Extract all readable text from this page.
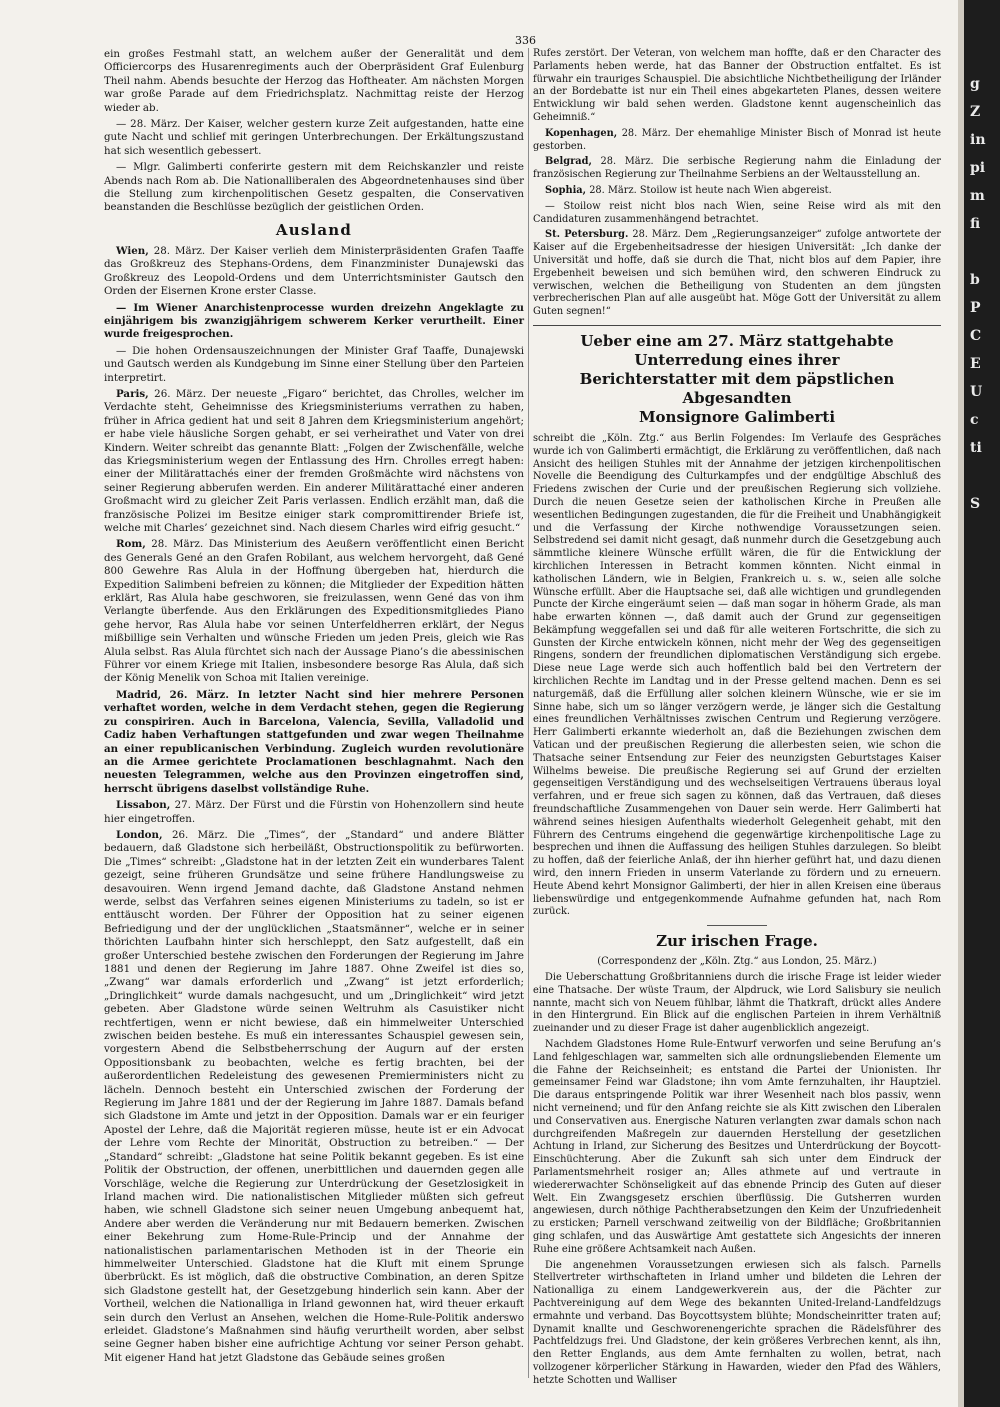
336

ein großes Festmahl statt, an welchem außer der Generalität und dem Officiercorps des Husarenregiments auch der Oberpräsident Graf Eulenburg Theil nahm. Abends besuchte der Herzog das Hoftheater. Am nächsten Morgen war große Parade auf dem Friedrichsplatz. Nachmittag reiste der Herzog wieder ab.

— 28. März. Der Kaiser, welcher gestern kurze Zeit aufgestanden, hatte eine gute Nacht und schlief mit geringen Unterbrechungen. Der Erkältungszustand hat sich wesentlich gebessert.

— Mlgr. Galimberti conferirte gestern mit dem Reichskanzler und reiste Abends nach Rom ab. Die Nationalliberalen des Abgeordnetenhauses sind über die Stellung zum kirchenpolitischen Gesetz gespalten, die Conservativen beanstanden die Beschlüsse bezüglich der geistlichen Orden.

Ausland

Wien, 28. März. Der Kaiser verlieh dem Ministerpräsidenten Grafen Taaffe das Großkreuz des Stephans-Ordens, dem Finanzminister Dunajewski das Großkreuz des Leopold-Ordens und dem Unterrichtsminister Gautsch den Orden der Eisernen Krone erster Classe.

— Im Wiener Anarchistenprocesse wurden dreizehn Angeklagte zu einjährigem bis zwanzigjährigem schwerem Kerker verurtheilt. Einer wurde freigesprochen.

— Die hohen Ordensauszeichnungen der Minister Graf Taaffe, Dunajewski und Gautsch werden als Kundgebung im Sinne einer Stellung über den Parteien interpretirt.

Paris, 26. März. Der neueste „Figaro“ berichtet, das Chrolles, welcher im Verdachte steht, Geheimnisse des Kriegsministeriums verrathen zu haben, früher in Africa gedient hat und seit 8 Jahren dem Kriegsministerium angehört; er habe viele häusliche Sorgen gehabt, er sei verheirathet und Vater von drei Kindern. Weiter schreibt das genannte Blatt: „Folgen der Zwischenfälle, welche das Kriegsministerium wegen der Entlassung des Hrn. Chrolles erregt haben: einer der Militärattachés einer der fremden Großmächte wird nächstens von seiner Regierung abberufen werden. Ein anderer Militärattaché einer anderen Großmacht wird zu gleicher Zeit Paris verlassen. Endlich erzählt man, daß die französische Polizei im Besitze einiger stark compromittirender Briefe ist, welche mit Charles’ gezeichnet sind. Nach diesem Charles wird eifrig gesucht.“

Rom, 28. März. Das Ministerium des Aeußern veröffentlicht einen Bericht des Generals Gené an den Grafen Robilant, aus welchem hervorgeht, daß Gené 800 Gewehre Ras Alula in der Hoffnung übergeben hat, hierdurch die Expedition Salimbeni befreien zu können; die Mitglieder der Expedition hätten erklärt, Ras Alula habe geschworen, sie freizulassen, wenn Gené das von ihm Verlangte überfende. Aus den Erklärungen des Expeditionsmitgliedes Piano gehe hervor, Ras Alula habe vor seinen Unterfeldherren erklärt, der Negus mißbillige sein Verhalten und wünsche Frieden um jeden Preis, gleich wie Ras Alula selbst. Ras Alula fürchtet sich nach der Aussage Piano’s die abessinischen Führer vor einem Kriege mit Italien, insbesondere besorge Ras Alula, daß sich der König Menelik von Schoa mit Italien vereinige.

Madrid, 26. März. In letzter Nacht sind hier mehrere Personen verhaftet worden, welche in dem Verdacht stehen, gegen die Regierung zu conspiriren. Auch in Barcelona, Valencia, Sevilla, Valladolid und Cadiz haben Verhaftungen stattgefunden und zwar wegen Theilnahme an einer republicanischen Verbindung. Zugleich wurden revolutionäre an die Armee gerichtete Proclamationen beschlagnahmt. Nach den neuesten Telegrammen, welche aus den Provinzen eingetroffen sind, herrscht übrigens daselbst vollständige Ruhe.

Lissabon, 27. März. Der Fürst und die Fürstin von Hohenzollern sind heute hier eingetroffen.

London, 26. März. Die „Times“, der „Standard“ und andere Blätter bedauern, daß Gladstone sich herbeiläßt, Obstructionspolitik zu befürworten. Die „Times“ schreibt: „Gladstone hat in der letzten Zeit ein wunderbares Talent gezeigt, seine früheren Grundsätze und seine frühere Handlungsweise zu desavouiren. Wenn irgend Jemand dachte, daß Gladstone Anstand nehmen werde, selbst das Verfahren seines eigenen Ministeriums zu tadeln, so ist er enttäuscht worden. Der Führer der Opposition hat zu seiner eigenen Befriedigung und der der unglücklichen „Staatsmänner“, welche er in seiner thörichten Laufbahn hinter sich herschleppt, den Satz aufgestellt, daß ein großer Unterschied bestehe zwischen den Forderungen der Regierung im Jahre 1881 und denen der Regierung im Jahre 1887. Ohne Zweifel ist dies so, „Zwang“ war damals erforderlich und „Zwang“ ist jetzt erforderlich; „Dringlichkeit“ wurde damals nachgesucht, und um „Dringlichkeit“ wird jetzt gebeten. Aber Gladstone würde seinen Weltruhm als Casuistiker nicht rechtfertigen, wenn er nicht bewiese, daß ein himmelweiter Unterschied zwischen beiden bestehe. Es muß ein interessantes Schauspiel gewesen sein, vorgestern Abend die Selbstbeherrschung der Augurn auf der ersten Oppositionsbank zu beobachten, welche es fertig brachten, bei der außerordentlichen Redeleistung des gewesenen Premierministers nicht zu lächeln. Dennoch besteht ein Unterschied zwischen der Forderung der Regierung im Jahre 1881 und der der Regierung im Jahre 1887. Damals befand sich Gladstone im Amte und jetzt in der Opposition. Damals war er ein feuriger Apostel der Lehre, daß die Majorität regieren müsse, heute ist er ein Advocat der Lehre vom Rechte der Minorität, Obstruction zu betreiben.“ — Der „Standard“ schreibt: „Gladstone hat seine Politik bekannt gegeben. Es ist eine Politik der Obstruction, der offenen, unerbittlichen und dauernden gegen alle Vorschläge, welche die Regierung zur Unterdrückung der Gesetzlosigkeit in Irland machen wird. Die nationalistischen Mitglieder müßten sich gefreut haben, wie schnell Gladstone sich seiner neuen Umgebung anbequemt hat, Andere aber werden die Veränderung nur mit Bedauern bemerken. Zwischen einer Bekehrung zum Home-Rule-Princip und der Annahme der nationalistischen parlamentarischen Methoden ist in der Theorie ein himmelweiter Unterschied. Gladstone hat die Kluft mit einem Sprunge überbrückt. Es ist möglich, daß die obstructive Combination, an deren Spitze sich Gladstone gestellt hat, der Gesetzgebung hinderlich sein kann. Aber der Vortheil, welchen die Nationalliga in Irland gewonnen hat, wird theuer erkauft sein durch den Verlust an Ansehen, welchen die Home-Rule-Politik anderswo erleidet. Gladstone’s Maßnahmen sind häufig verurtheilt worden, aber selbst seine Gegner haben bisher eine aufrichtige Achtung vor seiner Person gehabt. Mit eigener Hand hat jetzt Gladstone das Gebäude seines großen

Rufes zerstört. Der Veteran, von welchem man hoffte, daß er den Character des Parlaments heben werde, hat das Banner der Obstruction entfaltet. Es ist fürwahr ein trauriges Schauspiel. Die absichtliche Nichtbetheiligung der Irländer an der Bordebatte ist nur ein Theil eines abgekarteten Planes, dessen weitere Entwicklung wir bald sehen werden. Gladstone kennt augenscheinlich das Geheimniß.“

Kopenhagen, 28. März. Der ehemahlige Minister Bisch of Monrad ist heute gestorben.

Belgrad, 28. März. Die serbische Regierung nahm die Einladung der französischen Regierung zur Theilnahme Serbiens an der Weltausstellung an.

Sophia, 28. März. Stoilow ist heute nach Wien abgereist.

— Stoilow reist nicht blos nach Wien, seine Reise wird als mit den Candidaturen zusammenhängend betrachtet.

St. Petersburg. 28. März. Dem „Regierungsanzeiger“ zufolge antwortete der Kaiser auf die Ergebenheitsadresse der hiesigen Universität: „Ich danke der Universität und hoffe, daß sie durch die That, nicht blos auf dem Papier, ihre Ergebenheit beweisen und sich bemühen wird, den schweren Eindruck zu verwischen, welchen die Betheiligung von Studenten an dem jüngsten verbrecherischen Plan auf alle ausgeübt hat. Möge Gott der Universität zu allem Guten segnen!“

Ueber eine am 27. März stattgehabte Unterredung eines ihrer
Berichterstatter mit dem päpstlichen Abgesandten
Monsignore Galimberti

schreibt die „Köln. Ztg.“ aus Berlin Folgendes: Im Verlaufe des Gespräches wurde ich von Galimberti ermächtigt, die Erklärung zu veröffentlichen, daß nach Ansicht des heiligen Stuhles mit der Annahme der jetzigen kirchenpolitischen Novelle die Beendigung des Culturkampfes und der endgültige Abschluß des Friedens zwischen der Curie und der preußischen Regierung sich vollziehe. Durch die neuen Gesetze seien der katholischen Kirche in Preußen alle wesentlichen Bedingungen zugestanden, die für die Freiheit und Unabhängigkeit und die Verfassung der Kirche nothwendige Voraussetzungen seien. Selbstredend sei damit nicht gesagt, daß nunmehr durch die Gesetzgebung auch sämmtliche kleinere Wünsche erfüllt wären, die für die Entwicklung der kirchlichen Interessen in Betracht kommen könnten. Nicht einmal in katholischen Ländern, wie in Belgien, Frankreich u. s. w., seien alle solche Wünsche erfüllt. Aber die Hauptsache sei, daß alle wichtigen und grundlegenden Puncte der Kirche eingeräumt seien — daß man sogar in höherm Grade, als man habe erwarten können —, daß damit auch der Grund zur gegenseitigen Bekämpfung weggefallen sei und daß für alle weiteren Fortschritte, die sich zu Gunsten der Kirche entwickeln können, nicht mehr der Weg des gegenseitigen Ringens, sondern der freundlichen diplomatischen Verständigung sich ergebe. Diese neue Lage werde sich auch hoffentlich bald bei den Vertretern der kirchlichen Rechte im Landtag und in der Presse geltend machen. Denn es sei naturgemäß, daß die Erfüllung aller solchen kleinern Wünsche, wie er sie im Sinne habe, sich um so länger verzögern werde, je länger sich die Gestaltung eines freundlichen Verhältnisses zwischen Centrum und Regierung verzögere. Herr Galimberti erkannte wiederholt an, daß die Beziehungen zwischen dem Vatican und der preußischen Regierung die allerbesten seien, wie schon die Thatsache seiner Entsendung zur Feier des neunzigsten Geburtstages Kaiser Wilhelms beweise. Die preußische Regierung sei auf Grund der erzielten gegenseitigen Verständigung und des wechselseitigen Vertrauens überaus loyal verfahren, und er freue sich sagen zu können, daß das Vertrauen, daß dieses freundschaftliche Zusammengehen von Dauer sein werde. Herr Galimberti hat während seines hiesigen Aufenthalts wiederholt Gelegenheit gehabt, mit den Führern des Centrums eingehend die gegenwärtige kirchenpolitische Lage zu besprechen und ihnen die Auffassung des heiligen Stuhles darzulegen. So bleibt zu hoffen, daß der feierliche Anlaß, der ihn hierher geführt hat, und dazu dienen wird, den innern Frieden in unserm Vaterlande zu fördern und zu erneuern. Heute Abend kehrt Monsignor Galimberti, der hier in allen Kreisen eine überaus liebenswürdige und entgegenkommende Aufnahme gefunden hat, nach Rom zurück.

Zur irischen Frage.

(Correspondenz der „Köln. Ztg.“ aus London, 25. März.)

Die Ueberschattung Großbritanniens durch die irische Frage ist leider wieder eine Thatsache. Der wüste Traum, der Alpdruck, wie Lord Salisbury sie neulich nannte, macht sich von Neuem fühlbar, lähmt die Thatkraft, drückt alles Andere in den Hintergrund. Ein Blick auf die englischen Parteien in ihrem Verhältniß zueinander und zu dieser Frage ist daher augenblicklich angezeigt.

Nachdem Gladstones Home Rule-Entwurf verworfen und seine Berufung an’s Land fehlgeschlagen war, sammelten sich alle ordnungsliebenden Elemente um die Fahne der Reichseinheit; es entstand die Partei der Unionisten. Ihr gemeinsamer Feind war Gladstone; ihn vom Amte fernzuhalten, ihr Hauptziel. Die daraus entspringende Politik war ihrer Wesenheit nach blos passiv, wenn nicht verneinend; und für den Anfang reichte sie als Kitt zwischen den Liberalen und Conservativen aus. Energische Naturen verlangten zwar damals schon nach durchgreifenden Maßregeln zur dauernden Herstellung der gesetzlichen Achtung in Irland, zur Sicherung des Besitzes und Unterdrückung der Boycott-Einschüchterung. Aber die Zukunft sah sich unter dem Eindruck der Parlamentsmehrheit rosiger an; Alles athmete auf und vertraute in wiedererwachter Schönseligkeit auf das ebnende Princip des Guten auf dieser Welt. Ein Zwangsgesetz erschien überflüssig. Die Gutsherren wurden angewiesen, durch nöthige Pachtherabsetzungen den Keim der Unzufriedenheit zu ersticken; Parnell verschwand zeitweilig von der Bildfläche; Großbritannien ging schlafen, und das Auswärtige Amt gestattete sich Angesichts der inneren Ruhe eine größere Achtsamkeit nach Außen.

Die angenehmen Voraussetzungen erwiesen sich als falsch. Parnells Stellvertreter wirthschafteten in Irland umher und bildeten die Lehren der Nationalliga zu einem Landgewerkverein aus, der die Pächter zur Pachtvereinigung auf dem Wege des bekannten United-Ireland-Landfeldzugs ermahnte und verband. Das Boycottsystem blühte; Mondscheinritter traten auf; Dynamit knallte und Geschworenengerichte sprachen die Rädelsführer des Pachtfeldzugs frei. Und Gladstone, der kein größeres Verbrechen kennt, als ihn, den Retter Englands, aus dem Amte fernhalten zu wollen, betrat, nach vollzogener körperlicher Stärkung in Hawarden, wieder den Pfad des Wählers, hetzte Schotten und Walliser

g
Z
in
pi
m
fi

b
P
C
E
U
c
ti

S
